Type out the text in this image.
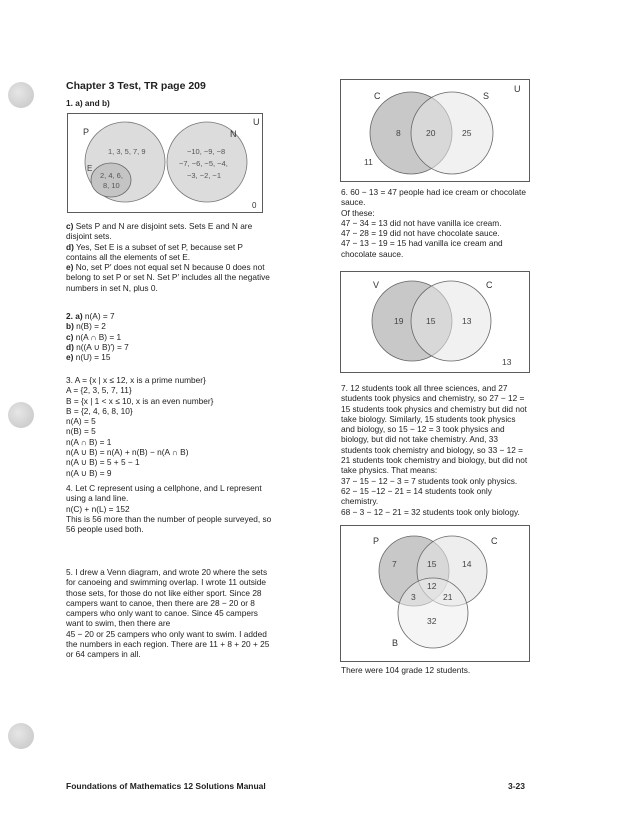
Chapter 3 Test, TR page 209
1. a) and b)
U
P	N
E
1, 3, 5, 7, 9
2, 4, 6,
8, 10
−10, −9, −8
−7, −6, −5, −4,
−3, −2, −1
0
c) Sets P and N are disjoint sets. Sets E and N are
disjoint sets.
d) Yes, Set E is a subset of set P, because set P
contains all the elements of set E.
e) No, set P′ does not equal set N because 0 does not
belong to set P or set N. Set P′ includes all the negative
numbers in set N, plus 0.
2. a) n(A) = 7
b) n(B) = 2
c) n(A ∩ B) = 1
d) n((A ∪ B)′) = 7
e) n(U) = 15
3. A = {x | x ≤ 12, x is a prime number}
A = {2, 3, 5, 7, 11}
B = {x | 1 < x ≤ 10, x is an even number}
B = {2, 4, 6, 8, 10}
n(A) = 5
n(B) = 5
n(A ∩ B) = 1
n(A ∪ B) = n(A) + n(B) − n(A ∩ B)
n(A ∪ B) = 5 + 5 − 1
n(A ∪ B) = 9
4. Let C represent using a cellphone, and L represent
using a land line.
n(C) + n(L) = 152
This is 56 more than the number of people surveyed, so
56 people used both.
5. I drew a Venn diagram, and wrote 20 where the sets
for canoeing and swimming overlap. I wrote 11 outside
those sets, for those do not like either sport. Since 28
campers want to canoe, then there are 28 − 20 or 8
campers who only want to canoe. Since 45 campers
want to swim, then there are
45 − 20 or 25 campers who only want to swim. I added
the numbers in each region. There are 11 + 8 + 20 + 25
or 64 campers in all.
C	S
U
8	20	25
11
6. 60 − 13 = 47 people had ice cream or chocolate
sauce.
Of these:
47 − 34 = 13 did not have vanilla ice cream.
47 − 28 = 19 did not have chocolate sauce.
47 − 13 − 19 = 15 had vanilla ice cream and
chocolate sauce.
V	C
19	15	13
13
7. 12 students took all three sciences, and 27
students took physics and chemistry, so 27 − 12 =
15 students took physics and chemistry but did not
take biology. Similarly, 15 students took physics
and biology, so 15 − 12 = 3 took physics and
biology, but did not take chemistry. And, 33
students took chemistry and biology, so 33 − 12 =
21 students took chemistry and biology, but did not
take physics. That means:
37 − 15 − 12 − 3 = 7 students took only physics.
62 − 15 −12 − 21 = 14 students took only
chemistry.
68 − 3 − 12 − 21 = 32 students took only biology.
P	C
B
7	15	14
12
3	21
32
There were 104 grade 12 students.
Foundations of Mathematics 12 Solutions Manual	3-23
